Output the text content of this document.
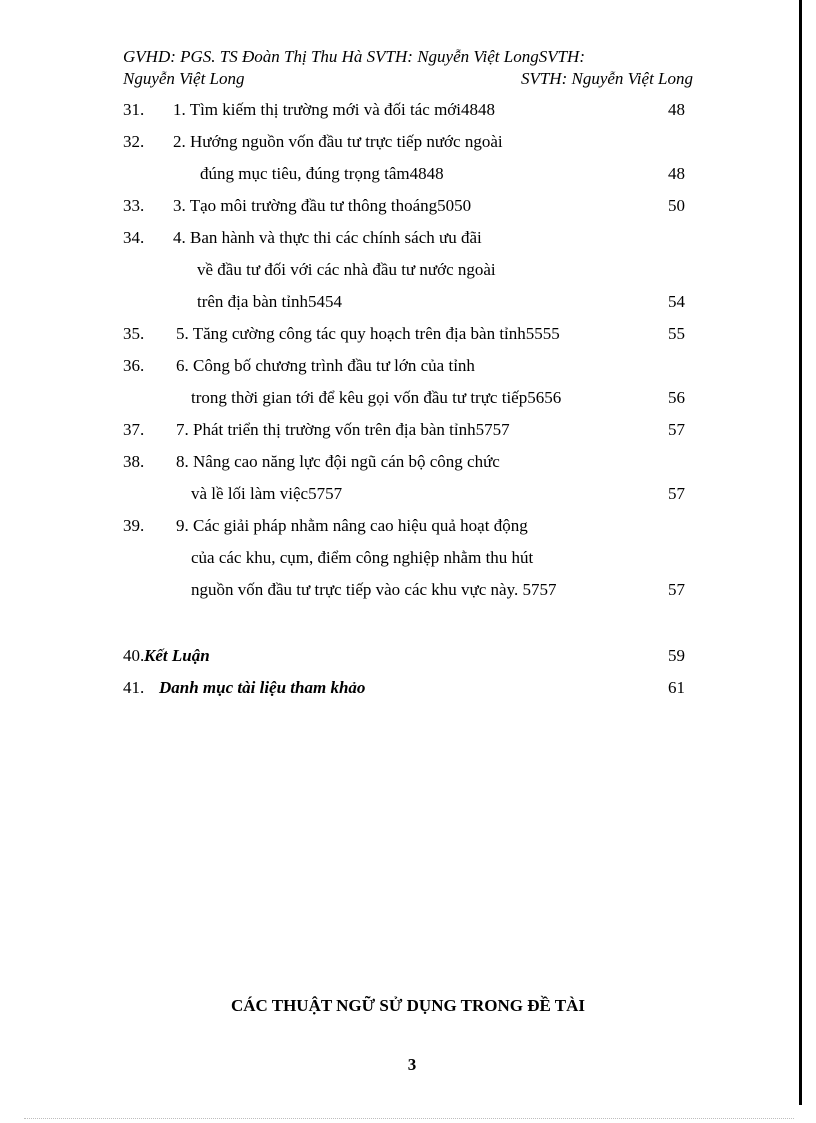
GVHD: PGS. TS Đoàn Thị Thu Hà SVTH: Nguyễn Việt LongSVTH:
Nguyễn Việt Long	SVTH: Nguyễn Việt Long
31.	1. Tìm kiếm thị trường mới và đối tác mới4848	48
32.	2. Hướng nguồn vốn đầu tư trực tiếp nước ngoài
đúng mục tiêu, đúng trọng tâm4848	48
33.	3. Tạo môi trường đầu tư thông thoáng5050	50
34.	4. Ban hành và thực thi các chính sách ưu đãi
về đầu tư đối với các nhà đầu tư nước ngoài
trên địa bàn tỉnh5454	54
35.	5. Tăng cường công tác quy hoạch trên địa bàn tỉnh5555	55
36.	6. Công bố chương trình đầu tư lớn của tỉnh
trong thời gian tới để kêu gọi vốn đầu tư trực tiếp5656	56
37.	7. Phát triển thị trường vốn trên địa bàn tỉnh5757	57
38.	8. Nâng cao năng lực đội ngũ cán bộ công chức
và lề lối làm việc5757	57
39.	9. Các giải pháp nhằm nâng cao hiệu quả hoạt động
của các khu, cụm, điểm công nghiệp nhằm thu hút
nguồn vốn đầu tư trực tiếp vào các khu vực này. 5757	57
40. Kết Luận	59
41. Danh mục tài liệu tham khảo	61
CÁC THUẬT NGỮ SỬ DỤNG TRONG ĐỀ TÀI
3
